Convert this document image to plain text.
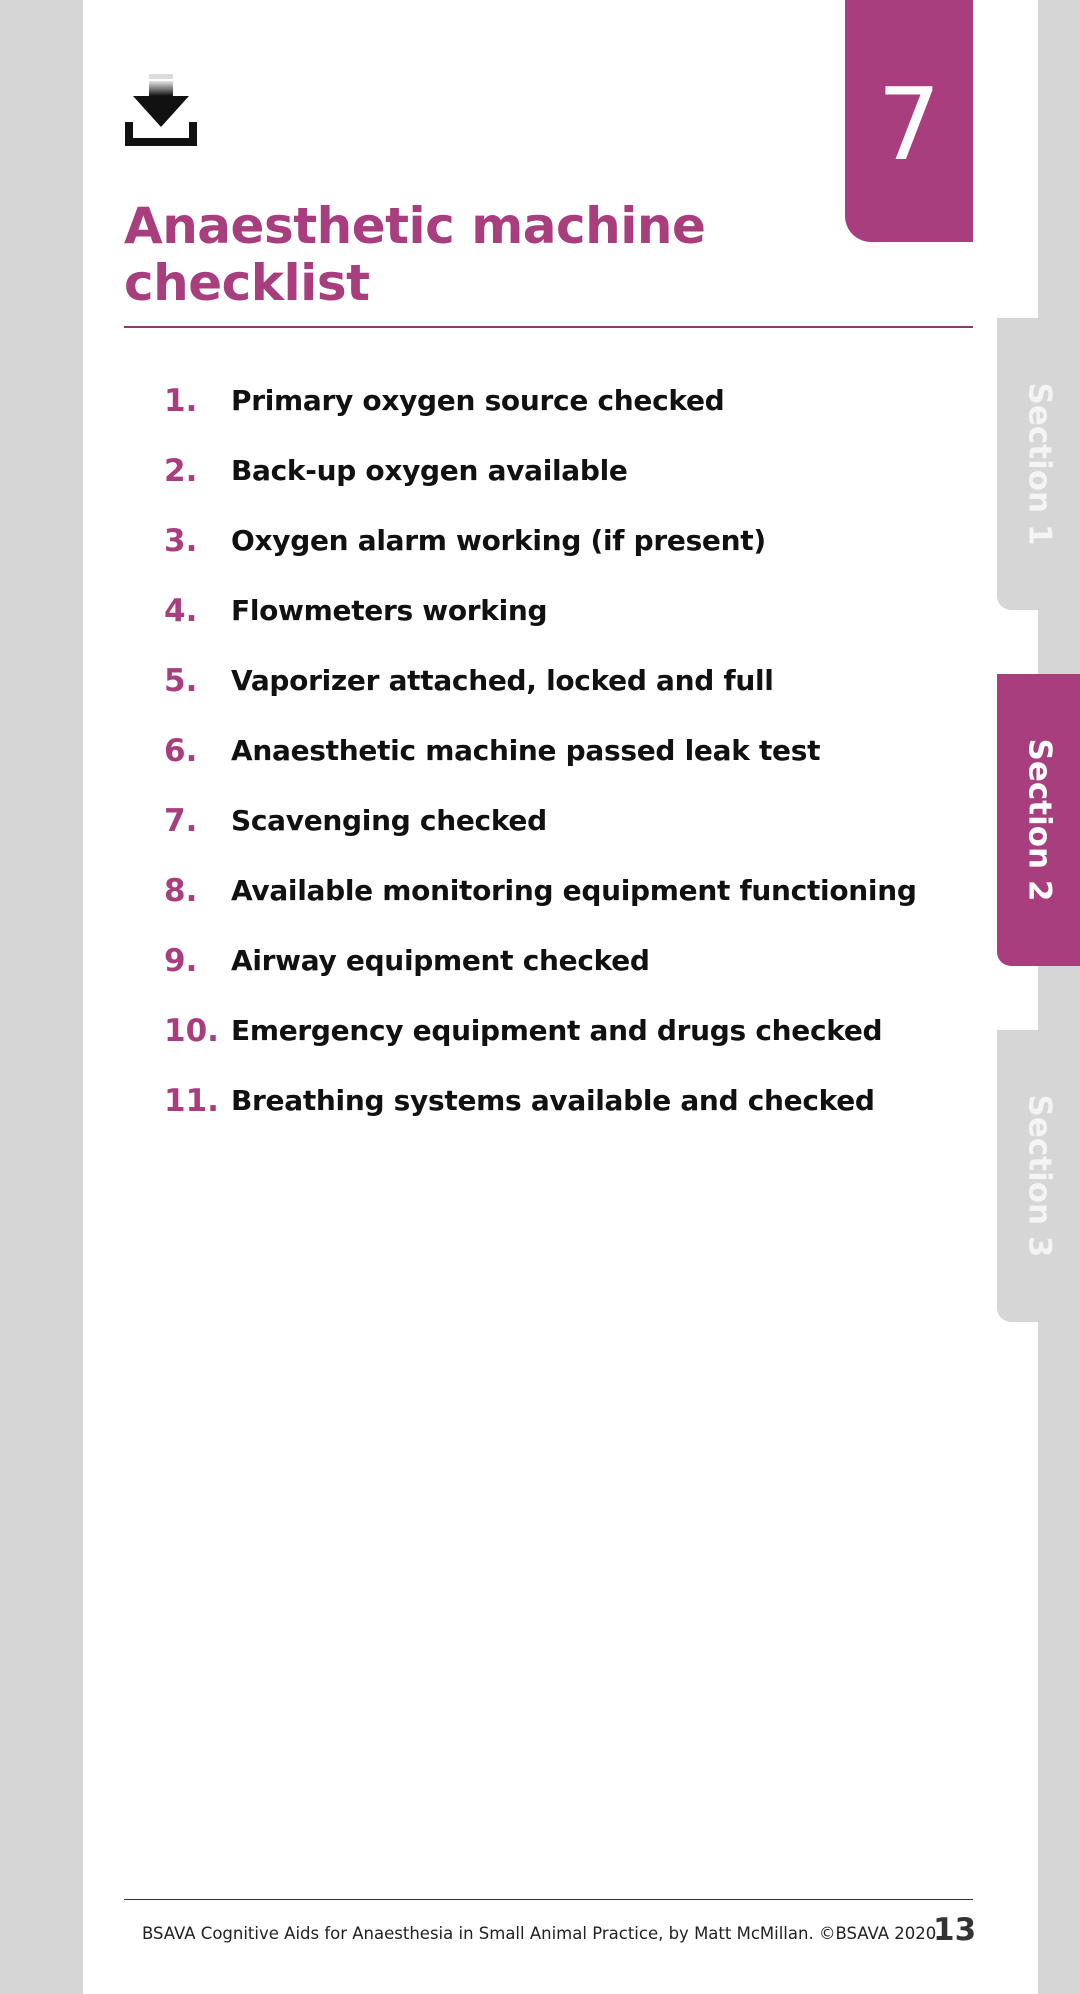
7
Anaesthetic machine checklist
1.	Primary oxygen source checked
2.	Back-up oxygen available
3.	Oxygen alarm working (if present)
4.	Flowmeters working
5.	Vaporizer attached, locked and full
6.	Anaesthetic machine passed leak test
7.	Scavenging checked
8.	Available monitoring equipment functioning
9.	Airway equipment checked
10. Emergency equipment and drugs checked
11. Breathing systems available and checked
BSAVA Cognitive Aids for Anaesthesia in Small Animal Practice, by Matt McMillan. ©BSAVA 2020
13
Section 1
Section 2
Section 3
